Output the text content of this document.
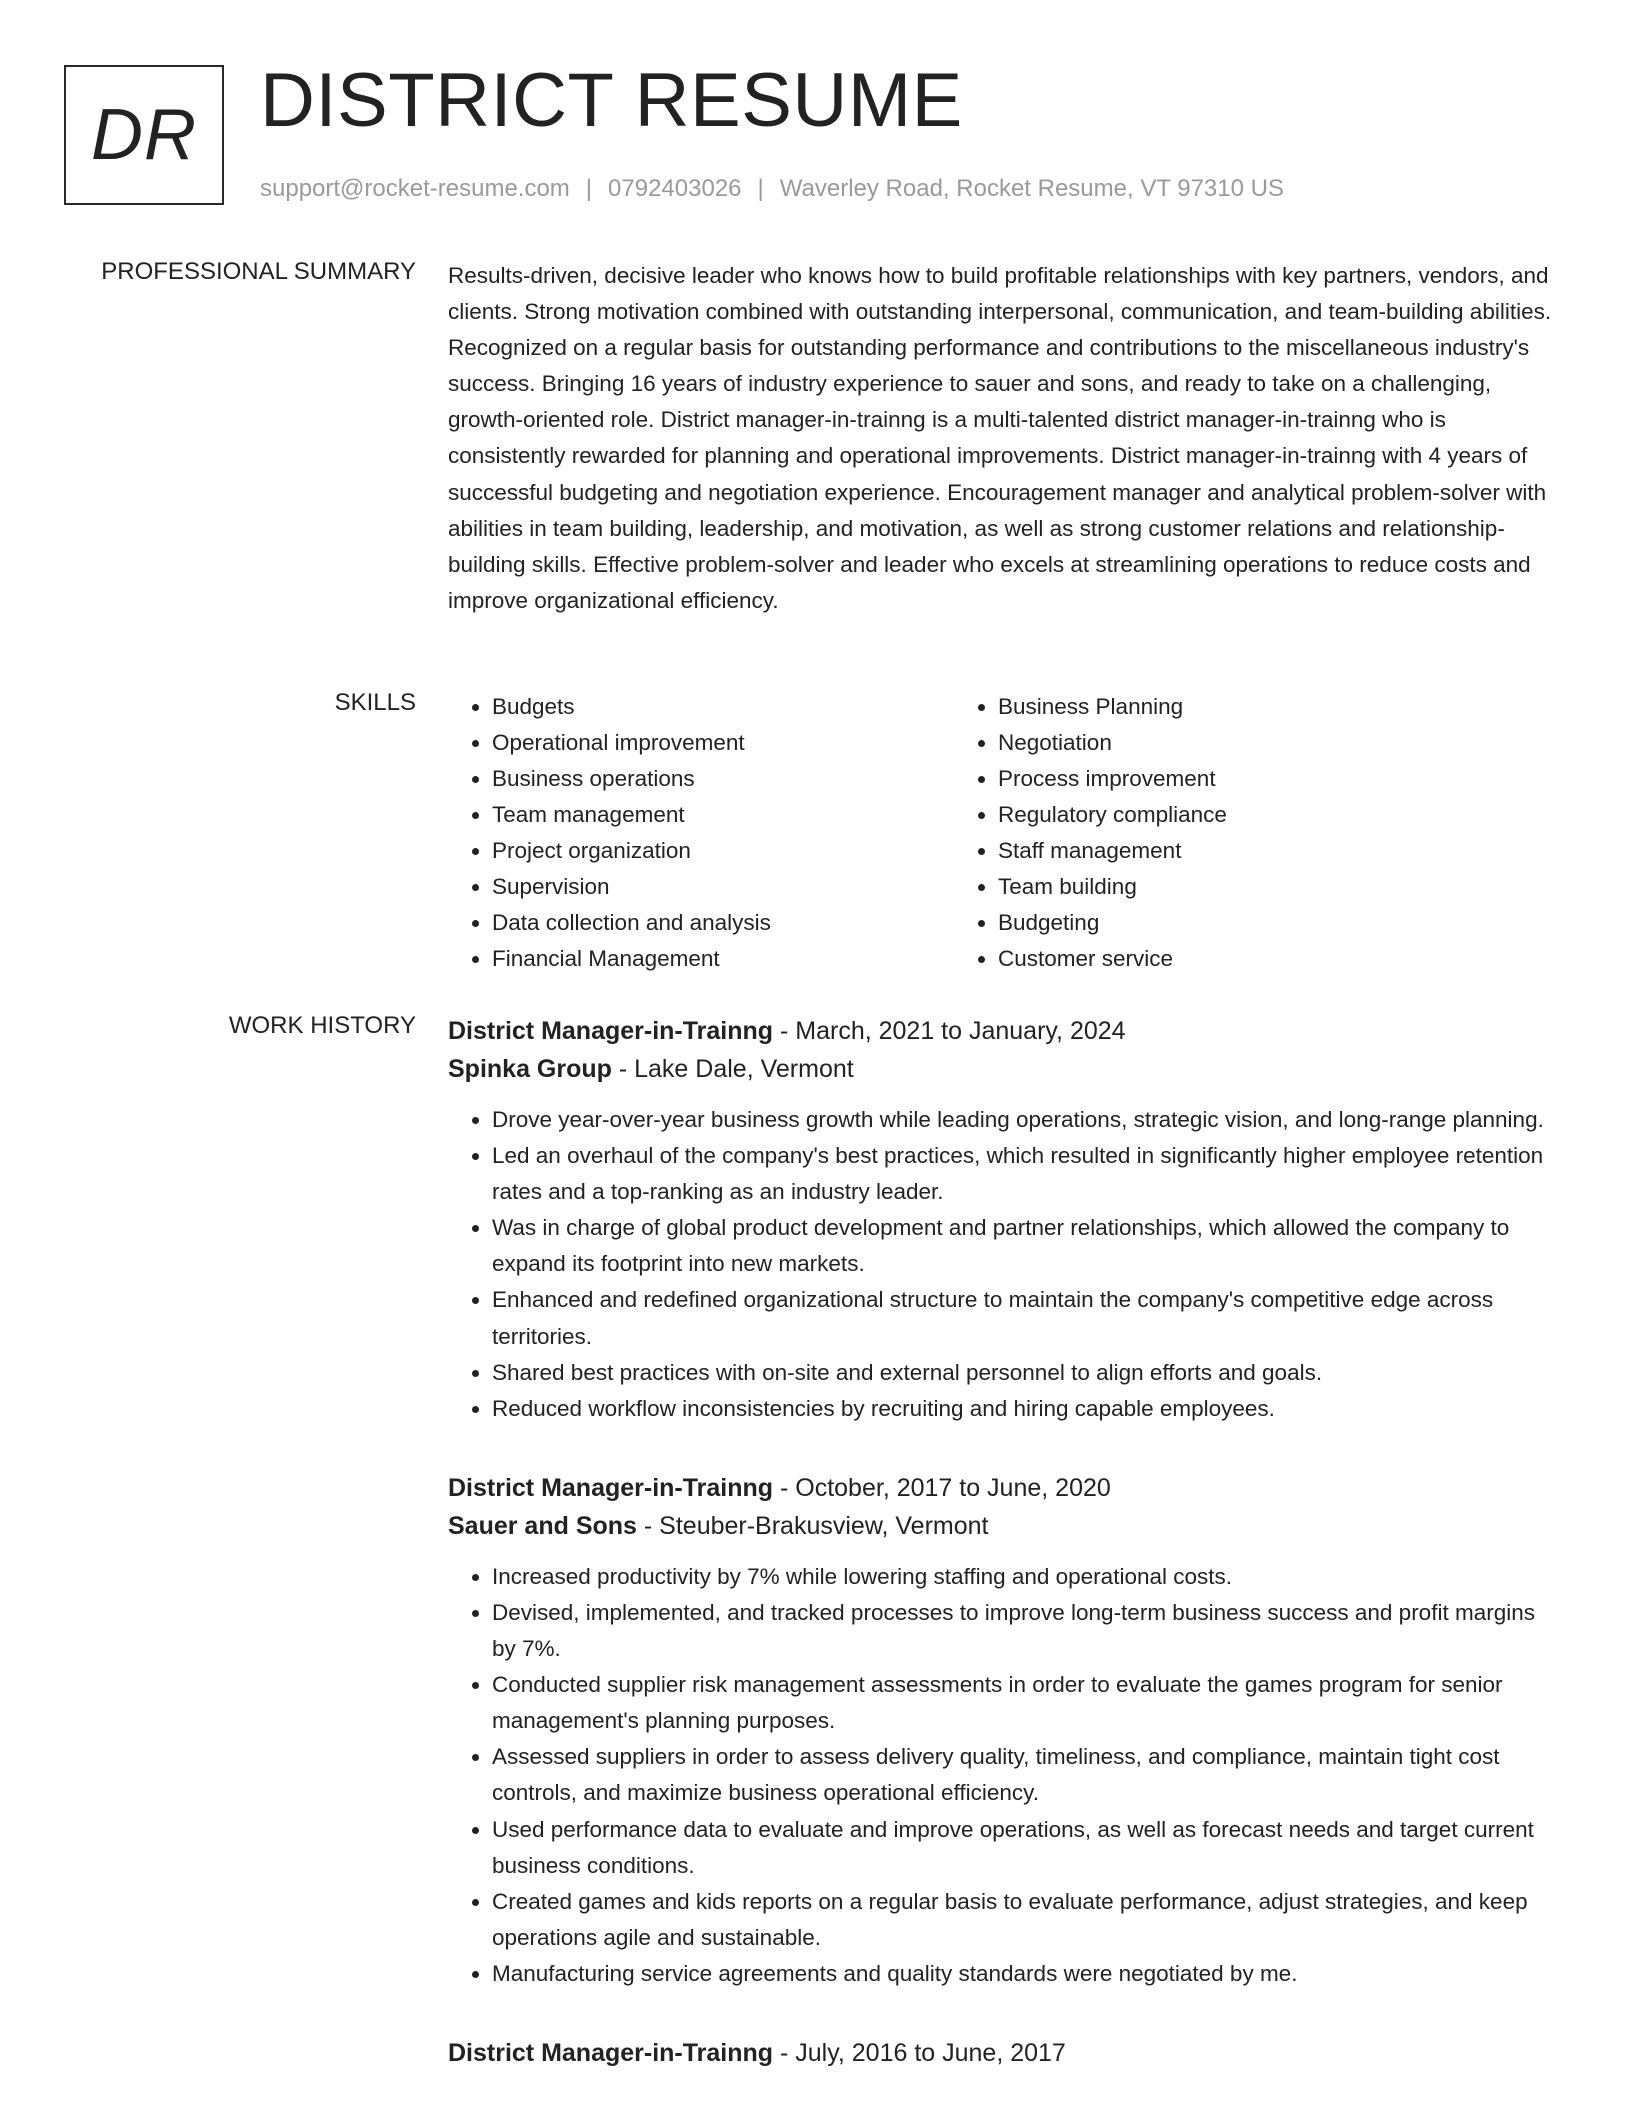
DR DISTRICT RESUME
support@rocket-resume.com | 0792403026 | Waverley Road, Rocket Resume, VT 97310 US
PROFESSIONAL SUMMARY Results-driven, decisive leader who knows how to build profitable relationships with key partners, vendors, and clients. Strong motivation combined with outstanding interpersonal, communication, and team-building abilities. Recognized on a regular basis for outstanding performance and contributions to the miscellaneous industry's success. Bringing 16 years of industry experience to sauer and sons, and ready to take on a challenging, growth-oriented role. District manager-in-trainng is a multi-talented district manager-in-trainng who is consistently rewarded for planning and operational improvements. District manager-in-trainng with 4 years of successful budgeting and negotiation experience. Encouragement manager and analytical problem-solver with abilities in team building, leadership, and motivation, as well as strong customer relations and relationship-building skills. Effective problem-solver and leader who excels at streamlining operations to reduce costs and improve organizational efficiency.

SKILLS
•	Budgets
• Operational improvement
• Business operations
• Team management
• Project organization
• Supervision
• Data collection and analysis
• Financial Management
• Business Planning
• Negotiation
• Process improvement
• Regulatory compliance
• Staff management
• Team building
• Budgeting
• Customer service
WORK HISTORY District Manager-in-Trainng - March, 2021 to January, 2024
Spinka Group - Lake Dale, Vermont
• Drove year-over-year business growth while leading operations, strategic vision, and long-range planning.
• Led an overhaul of the company's best practices, which resulted in significantly higher employee retention rates and a top-ranking as an industry leader.
• Was in charge of global product development and partner relationships, which allowed the company to expand its footprint into new markets.
• Enhanced and redefined organizational structure to maintain the company's competitive edge across territories.
• Shared best practices with on-site and external personnel to align efforts and goals.
• Reduced workflow inconsistencies by recruiting and hiring capable employees.
District Manager-in-Trainng - October, 2017 to June, 2020
Sauer and Sons - Steuber-Brakusview, Vermont
• Increased productivity by 7% while lowering staffing and operational costs.
• Devised, implemented, and tracked processes to improve long-term business success and profit margins by 7%.
• Conducted supplier risk management assessments in order to evaluate the games program for senior management's planning purposes.
• Assessed suppliers in order to assess delivery quality, timeliness, and compliance, maintain tight cost controls, and maximize business operational efficiency.
• Used performance data to evaluate and improve operations, as well as forecast needs and target current business conditions.
• Created games and kids reports on a regular basis to evaluate performance, adjust strategies, and keep operations agile and sustainable.
• Manufacturing service agreements and quality standards were negotiated by me.
District Manager-in-Trainng - July, 2016 to June, 2017
